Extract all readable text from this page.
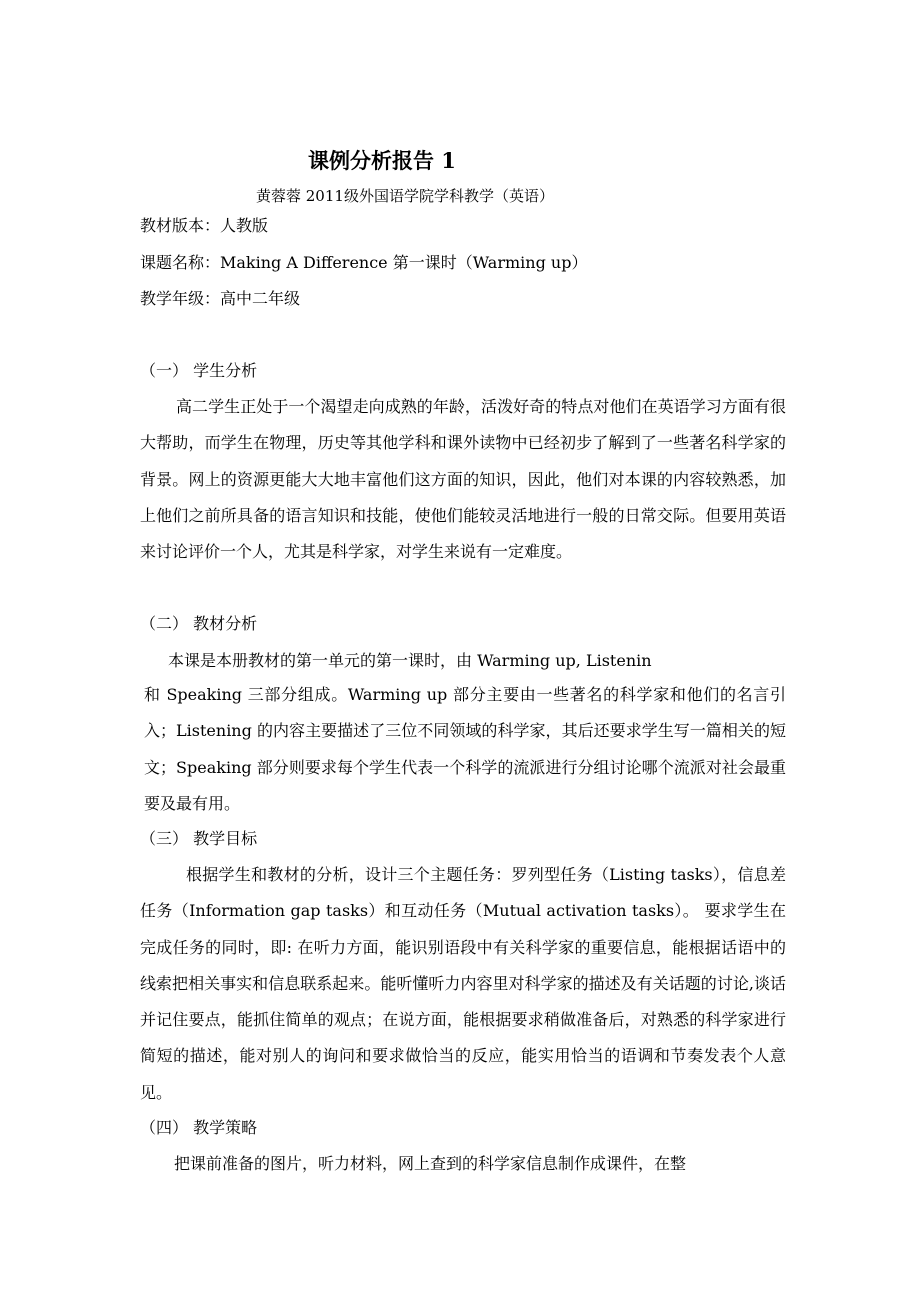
课例分析报告 1
黄蓉蓉 2011级外国语学院学科教学（英语）
教材版本：人教版
课题名称：Making A Difference 第一课时（Warming up）
教学年级：高中二年级
（一） 学生分析

高二学生正处于一个渴望走向成熟的年龄，活泼好奇的特点对他们在英语学习方面有很大帮助，而学生在物理，历史等其他学科和课外读物中已经初步了解到了一些著名科学家的背景。网上的资源更能大大地丰富他们这方面的知识，因此，他们对本课的内容较熟悉，加上他们之前所具备的语言知识和技能，使他们能较灵活地进行一般的日常交际。但要用英语来讨论评价一个人，尤其是科学家，对学生来说有一定难度。

（二） 教材分析
本课是本册教材的第一单元的第一课时，由 Warming up, Listenin

和 Speaking 三部分组成。Warming up 部分主要由一些著名的科学家和他们的名言引入；Listening 的内容主要描述了三位不同领域的科学家，其后还要求学生写一篇相关的短文；Speaking 部分则要求每个学生代表一个科学的流派进行分组讨论哪个流派对社会最重要及最有用。

（三） 教学目标

根据学生和教材的分析，设计三个主题任务：罗列型任务（Listing tasks），信息差任务（Information gap tasks）和互动任务（Mutual activation tasks）。 要求学生在完成任务的同时，即: 在听力方面，能识别语段中有关科学家的重要信息，能根据话语中的线索把相关事实和信息联系起来。能听懂听力内容里对科学家的描述及有关话题的讨论,谈话并记住要点，能抓住简单的观点；在说方面，能根据要求稍做准备后，对熟悉的科学家进行简短的描述，能对别人的询问和要求做恰当的反应，能实用恰当的语调和节奏发表个人意见。

（四） 教学策略

把课前准备的图片，听力材料，网上查到的科学家信息制作成课件，在整
